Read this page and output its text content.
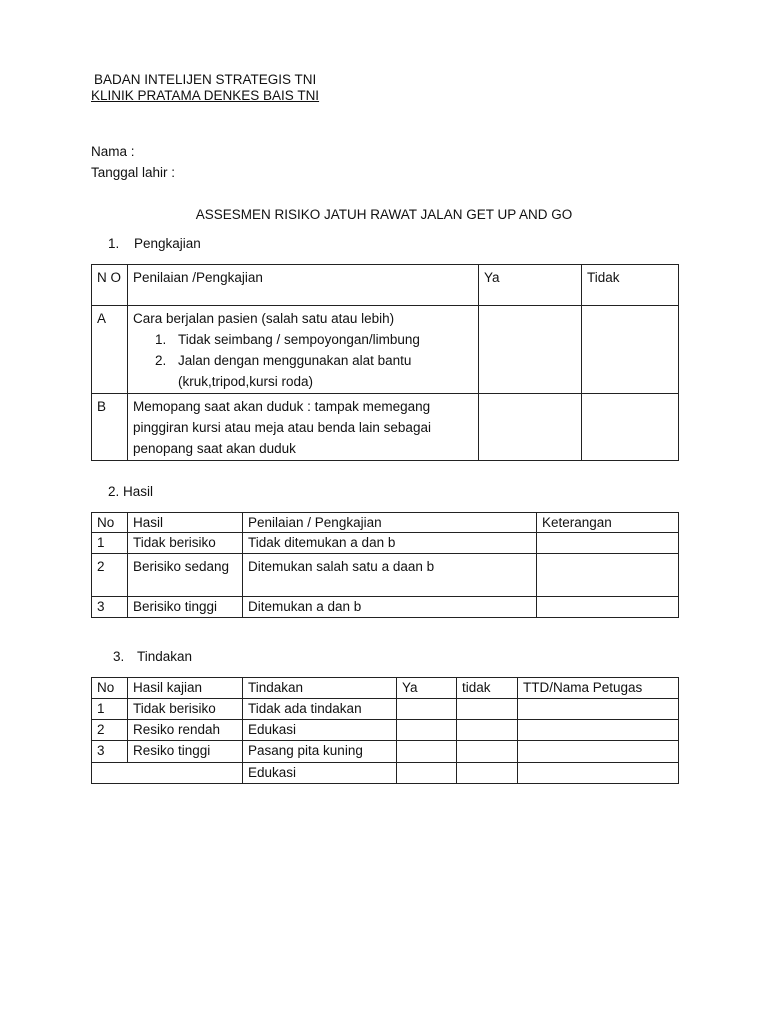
BADAN INTELIJEN STRATEGIS TNI
KLINIK PRATAMA DENKES BAIS TNI
Nama :
Tanggal lahir :
ASSESMEN RISIKO JATUH RAWAT JALAN GET UP AND GO
1. Pengkajian
N O	Penilaian /Pengkajian	Ya	Tidak
A	Cara berjalan pasien (salah satu atau lebih)
1. Tidak seimbang / sempoyongan/limbung
2. Jalan dengan menggunakan alat bantu (kruk,tripod,kursi roda)		

B	Memopang saat akan duduk : tampak memegang pinggiran kursi atau meja atau benda lain sebagai penopang saat akan duduk		
2. Hasil
No	Hasil	Penilaian / Pengkajian	Keterangan
1	Tidak berisiko	Tidak ditemukan a dan b	
2	Berisiko sedang	Ditemukan salah satu a daan b	
3	Berisiko tinggi	Ditemukan a dan b	
3. Tindakan
No	Hasil kajian	Tindakan	Ya	tidak	TTD/Nama Petugas
1	Tidak berisiko	Tidak ada tindakan			
2	Resiko rendah	Edukasi			
3	Resiko tinggi	Pasang pita kuning			
		Edukasi			
